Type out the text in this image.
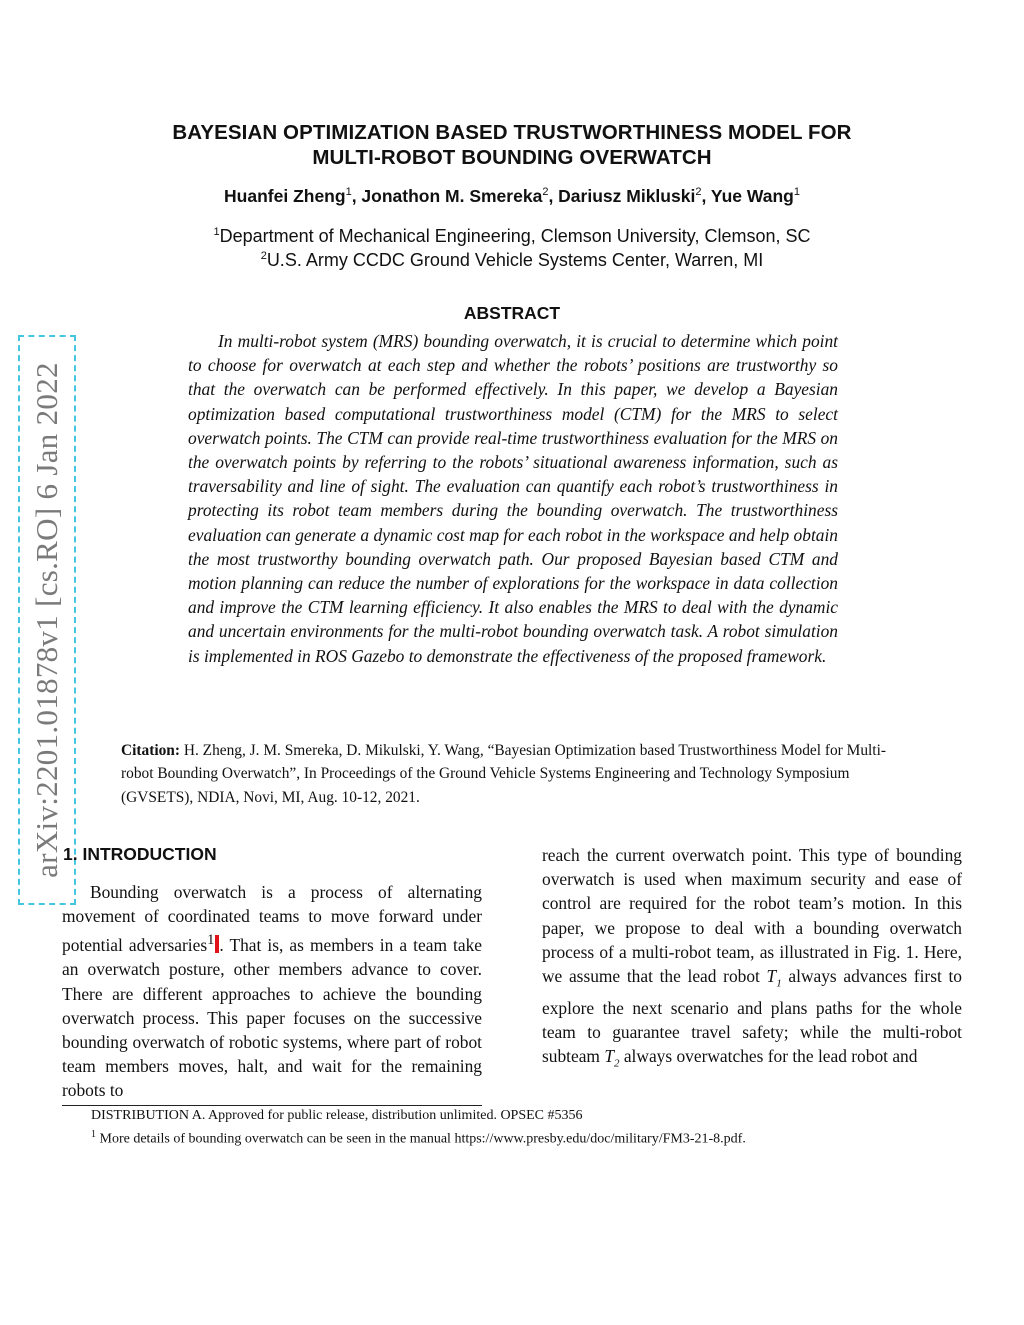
arXiv:2201.01878v1 [cs.RO] 6 Jan 2022
BAYESIAN OPTIMIZATION BASED TRUSTWORTHINESS MODEL FOR
MULTI-ROBOT BOUNDING OVERWATCH
Huanfei Zheng$^1$, Jonathon M. Smereka$^2$, Dariusz Mikluski$^2$, Yue Wang$^1$
$^1$Department of Mechanical Engineering, Clemson University, Clemson, SC
$^2$U.S. Army CCDC Ground Vehicle Systems Center, Warren, MI
ABSTRACT

In multi-robot system (MRS) bounding overwatch, it is crucial to determine which point to choose for overwatch at each step and whether the robots’ positions are trustworthy so that the overwatch can be performed effectively. In this paper, we develop a Bayesian optimization based computational trustworthiness model (CTM) for the MRS to select overwatch points. The CTM can provide real-time trustworthiness evaluation for the MRS on the overwatch points by referring to the robots’ situational awareness information, such as traversability and line of sight. The evaluation can quantify each robot’s trustworthiness in protecting its robot team members during the bounding overwatch. The trustworthiness evaluation can generate a dynamic cost map for each robot in the workspace and help obtain the most trustworthy bounding overwatch path. Our proposed Bayesian based CTM and motion planning can reduce the number of explorations for the workspace in data collection and improve the CTM learning efficiency. It also enables the MRS to deal with the dynamic and uncertain environments for the multi-robot bounding overwatch task. A robot simulation is implemented in ROS Gazebo to demonstrate the effectiveness of the proposed framework.

Citation: H. Zheng, J. M. Smereka, D. Mikulski, Y. Wang, “Bayesian Optimization based Trustworthiness Model for Multi-robot Bounding Overwatch”, In Proceedings of the Ground Vehicle Systems Engineering and Technology Symposium (GVSETS), NDIA, Novi, MI, Aug. 10-12, 2021.

1. INTRODUCTION

Bounding overwatch is a process of alternating movement of coordinated teams to move forward under potential adversaries$^1$ . That is, as members in a team take an overwatch posture, other members advance to cover. There are different approaches to achieve the bounding overwatch process. This paper focuses on the successive bounding overwatch of robotic systems, where part of robot team members moves, halt, and wait for the remaining robots to

reach the current overwatch point. This type of bounding overwatch is used when maximum security and ease of control are required for the robot team’s motion. In this paper, we propose to deal with a bounding overwatch process of a multi-robot team, as illustrated in Fig. 1. Here, we assume that the lead robot $T_1$ always advances first to explore the next scenario and plans paths for the whole team to guarantee travel safety; while the multi-robot subteam $T_2$ always overwatches for the lead robot and

DISTRIBUTION A. Approved for public release, distribution unlimited. OPSEC #5356
$^1$ More details of bounding overwatch can be seen in the manual https://www.presby.edu/doc/military/FM3-21-8.pdf.
